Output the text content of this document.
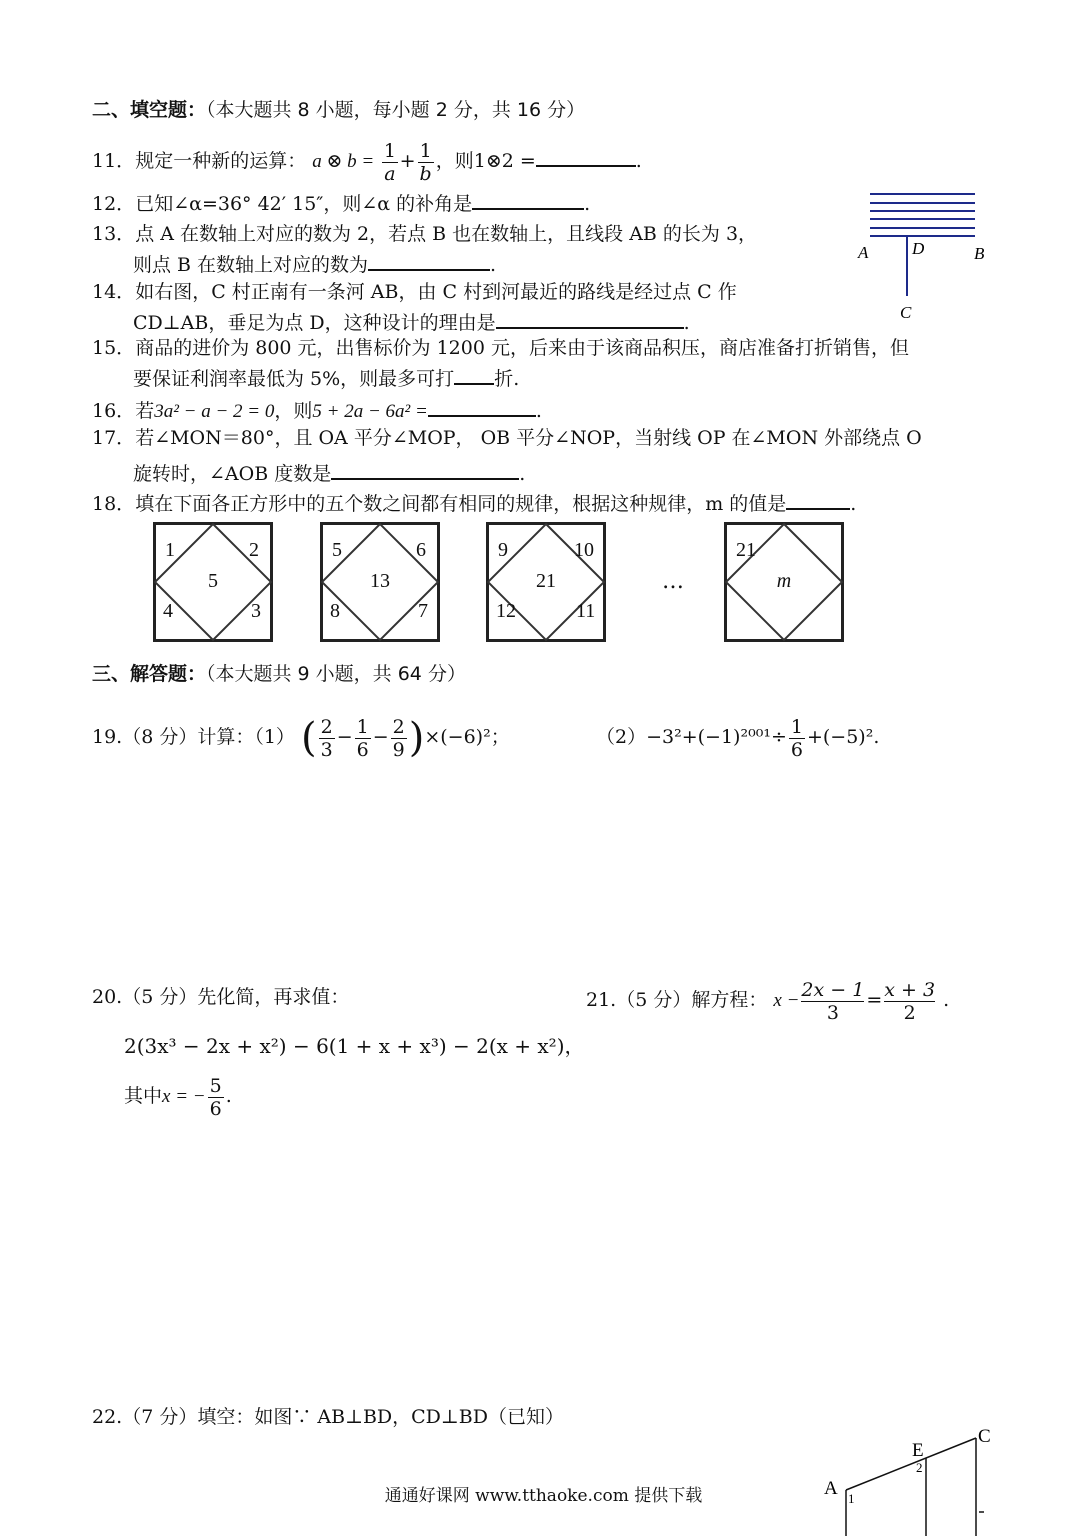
二、填空题：（本大题共 8 小题，每小题 2 分，共 16 分）
11．规定一种新的运算： a ⊗ $b = \frac{1}{a} + \frac{1}{b}$ ，则1⊗2 =	.
12．已知∠α=36° 42′ 15″，则∠α 的补角是	.
13．点 A 在数轴上对应的数为 2，若点 B 也在数轴上，且线段 AB 的长为 3，
则点 B 在数轴上对应的数为	.
14．如右图，C 村正南有一条河 AB，由 C 村到河最近的路线是经过点 C 作
CD⊥AB，垂足为点 D，这种设计的理由是	.
A	D	B
C
15．商品的进价为 800 元，出售标价为 1200 元，后来由于该商品积压，商店准备打折销售，但
要保证利润率最低为 5%，则最多可打 折.
16．若3a² − a − 2 = 0，则5 + 2a − 6a² =	.
17．若∠MON＝80°，且 OA 平分∠MOP， OB 平分∠NOP，当射线 OP 在∠MON 外部绕点 O
旋转时，∠AOB 度数是	.
18．填在下面各正方形中的五个数之间都有相同的规律，根据这种规律，m 的值是	.
1	2
4	3
5
5	6
8	7
13
9	10
12	11
21
21
m
…
三、解答题：（本大题共 9 小题，共 64 分）
19.（8 分）计算：（1） ( $\frac{2}{3} - \frac{1}{6} - \frac{2}{9} )\times(-6)^2$；	$(2)-3^2+(-1)^{2001}\div \frac{1}{6} +(-5)^2$.
20.（5 分）先化简，再求值：
2(3x³ − 2x + x²) − 6(1 + x + x³) − 2(x + x²)，
其中x = − $\frac{5}{6}$ .
21.（5 分）解方程： $x - \frac{2x - 1}{3} = \frac{x + 3}{2}$ .
22.（7 分）填空：如图∵ AB⊥BD，CD⊥BD（已知）
A
C
E
1
2
通通好课网 www.tthaoke.com 提供下载
